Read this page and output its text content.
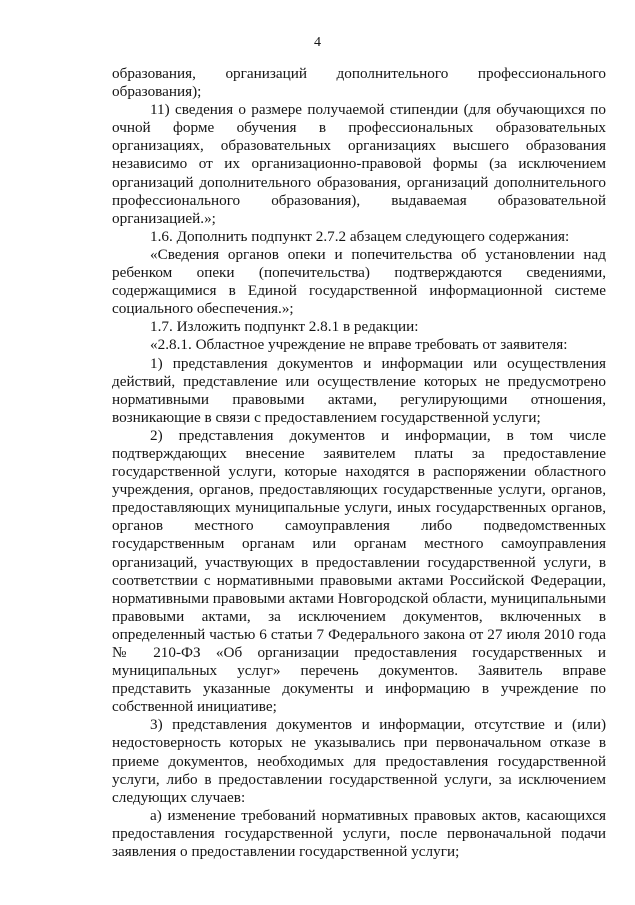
4

образования, организаций дополнительного профессионального образования);

11) сведения о размере получаемой стипендии (для обучающихся по очной форме обучения в профессиональных образовательных организациях, образовательных организациях высшего образования независимо от их организационно-правовой формы (за исключением организаций дополнительного образования, организаций дополнительного профессионального образования), выдаваемая образовательной организацией.»;

1.6. Дополнить подпункт 2.7.2 абзацем следующего содержания:

«Сведения органов опеки и попечительства об установлении над ребенком опеки (попечительства) подтверждаются сведениями, содержащимися в Единой государственной информационной системе социального обеспечения.»;

1.7. Изложить подпункт 2.8.1 в редакции:

«2.8.1. Областное учреждение не вправе требовать от заявителя:

1) представления документов и информации или осуществления действий, представление или осуществление которых не предусмотрено нормативными правовыми актами, регулирующими отношения, возникающие в связи с предоставлением государственной услуги;

2) представления документов и информации, в том числе подтверждающих внесение заявителем платы за предоставление государственной услуги, которые находятся в распоряжении областного учреждения, органов, предоставляющих государственные услуги, органов, предоставляющих муниципальные услуги, иных государственных органов, органов местного самоуправления либо подведомственных государственным органам или органам местного самоуправления организаций, участвующих в предоставлении государственной услуги, в соответствии с нормативными правовыми актами Российской Федерации, нормативными правовыми актами Новгородской области, муниципальными правовыми актами, за исключением документов, включенных в определенный частью 6 статьи 7 Федерального закона от 27 июля 2010 года № 210-ФЗ «Об организации предоставления государственных и муниципальных услуг» перечень документов. Заявитель вправе представить указанные документы и информацию в учреждение по собственной инициативе;

3) представления документов и информации, отсутствие и (или) недостоверность которых не указывались при первоначальном отказе в приеме документов, необходимых для предоставления государственной услуги, либо в предоставлении государственной услуги, за исключением следующих случаев:

а) изменение требований нормативных правовых актов, касающихся предоставления государственной услуги, после первоначальной подачи заявления о предоставлении государственной услуги;
